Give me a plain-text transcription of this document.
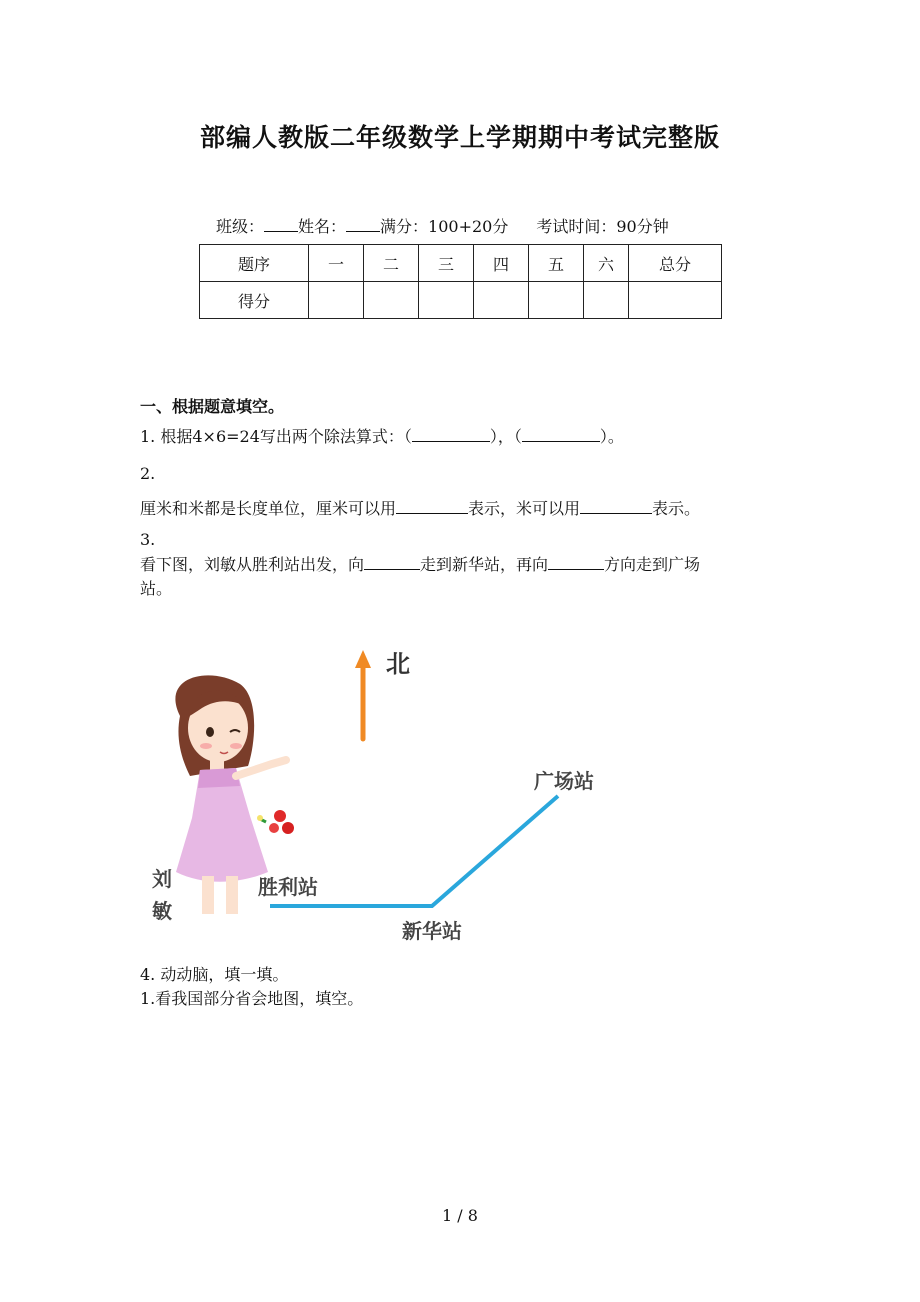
部编人教版二年级数学上学期期中考试完整版
班级： 姓名： 满分：100+20分 考试时间：90分钟
题序	一	二	三	四	五	六	总分
得分							
一、根据题意填空。
1. 根据4×6=24写出两个除法算式：（	），（	）。
2.
厘米和米都是长度单位，厘米可以用	表示，米可以用	表示。
3.
看下图，刘敏从胜利站出发，向	走到新华站，再向	方向走到广场
站。
北
胜利站
新华站
广场站
刘
敏
4. 动动脑，填一填。
1.看我国部分省会地图，填空。
1 / 8
